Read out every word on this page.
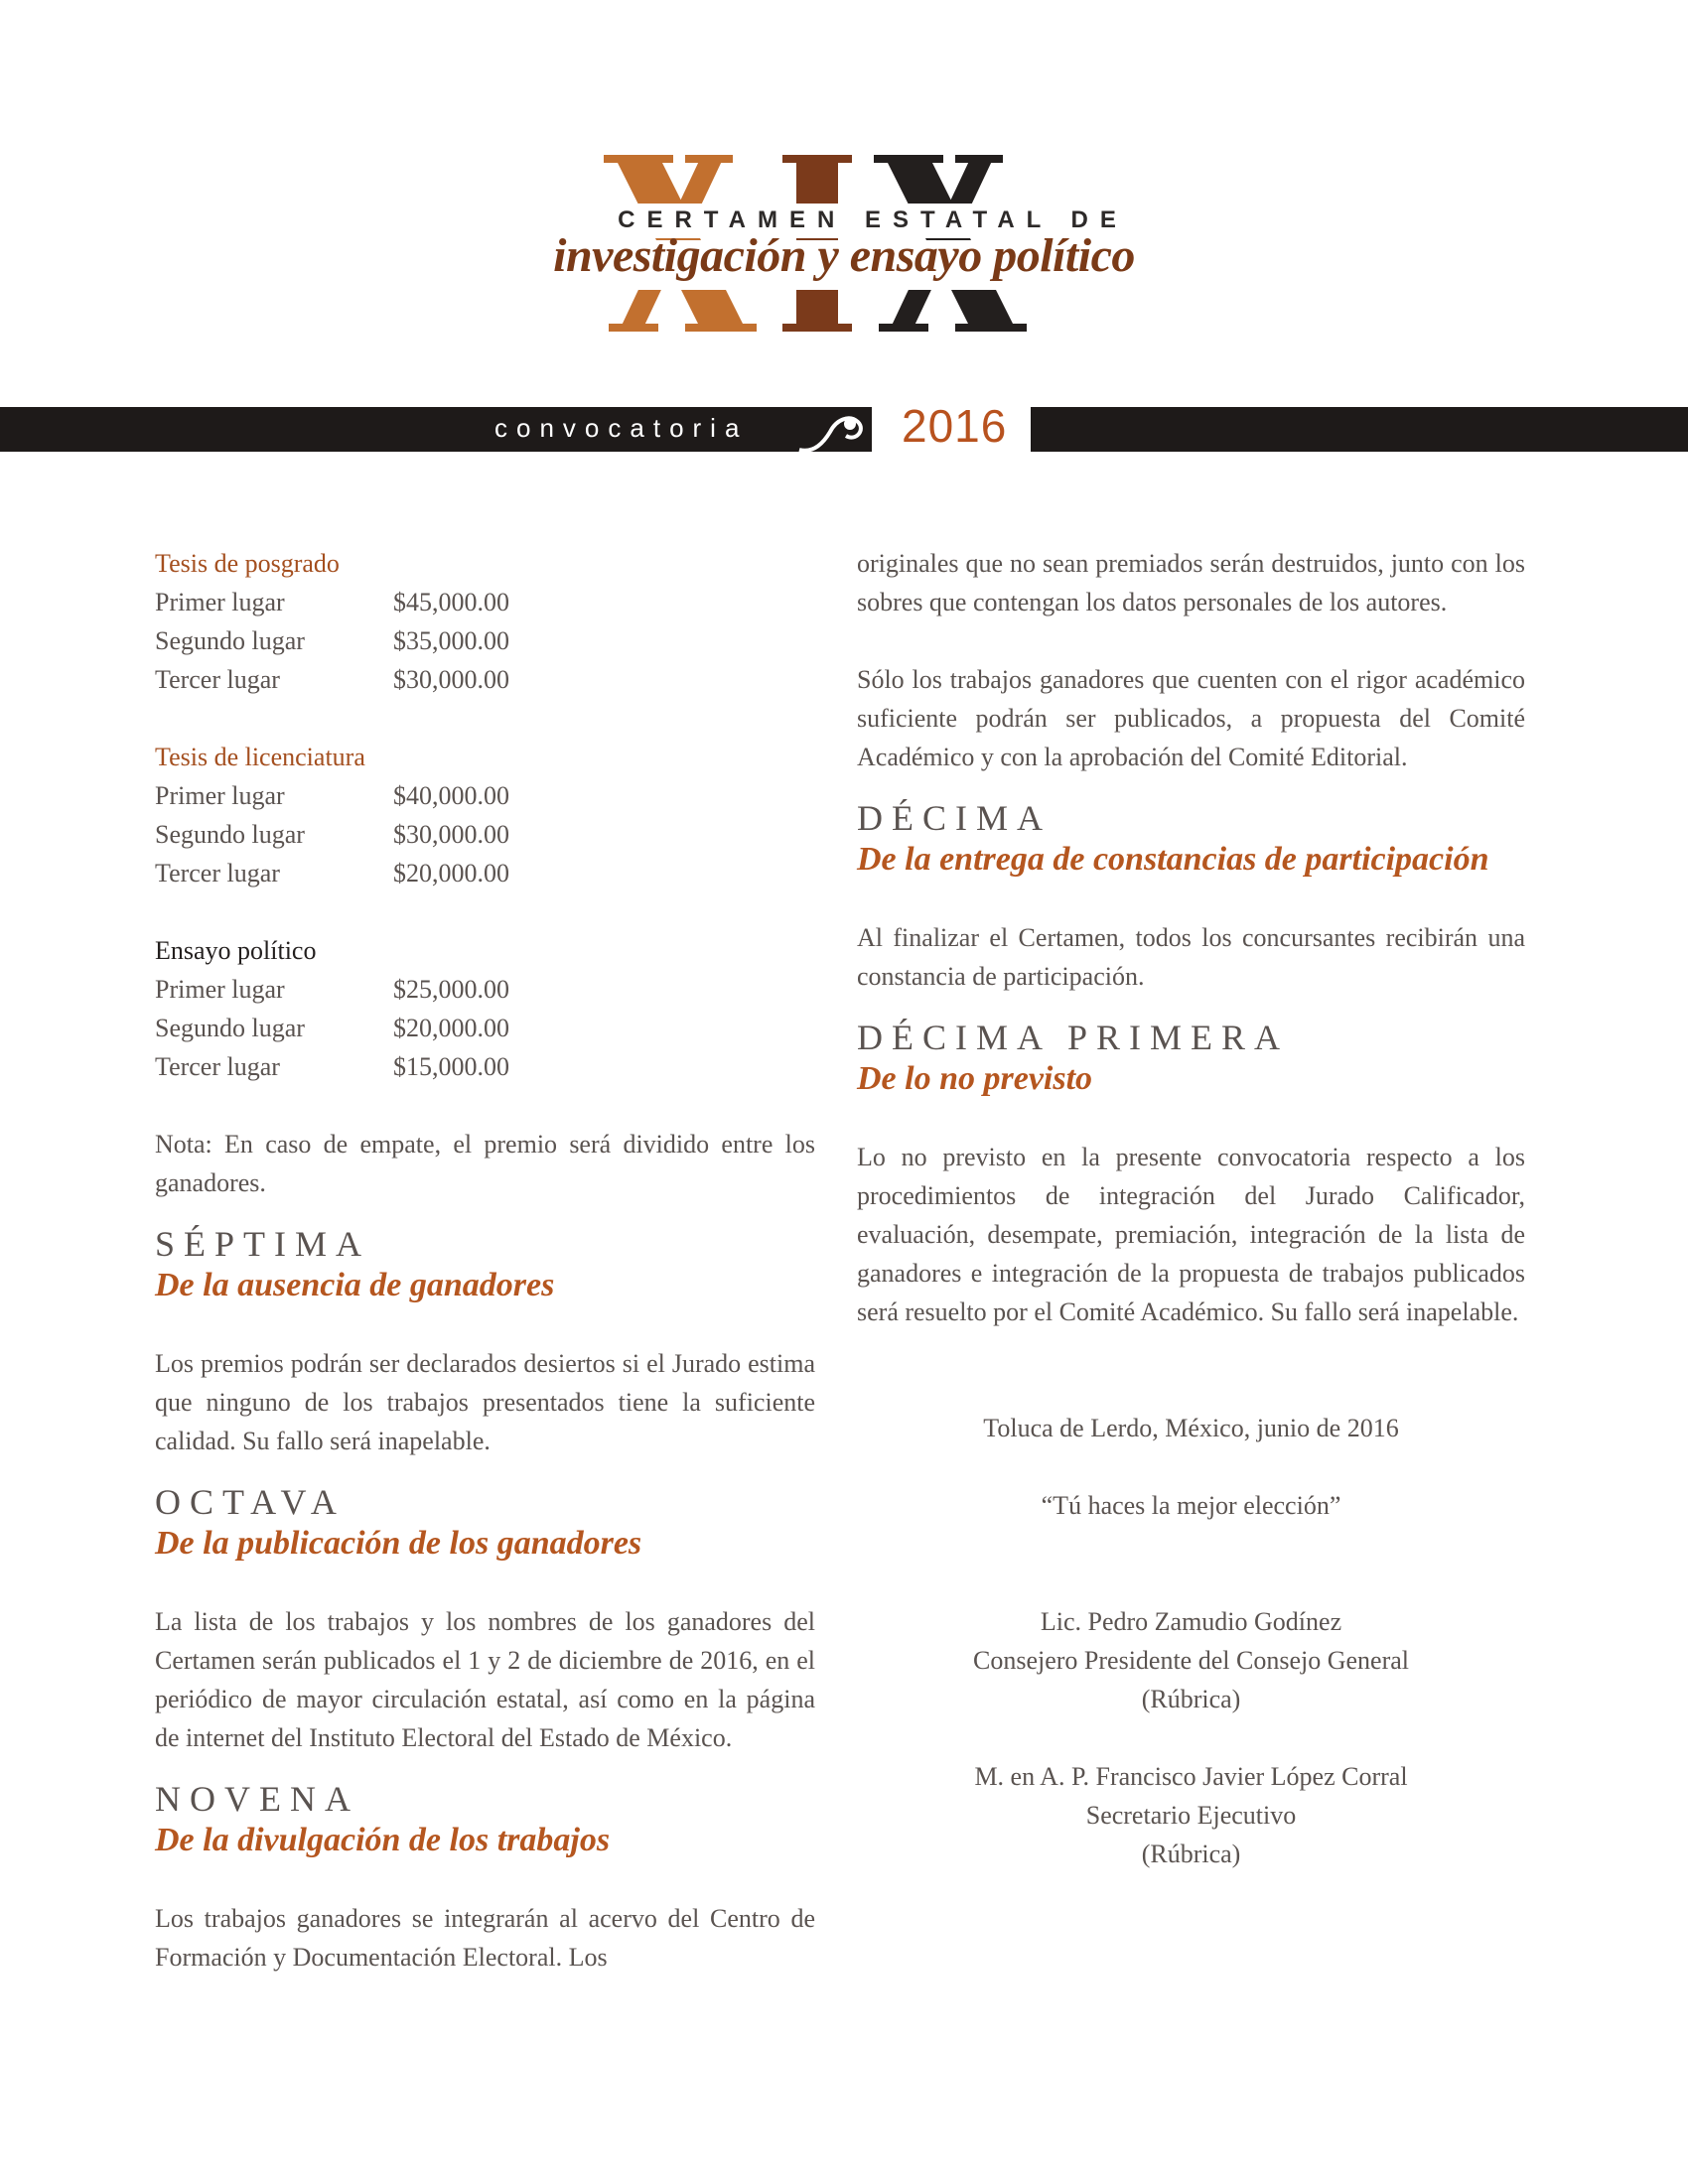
CERTAMEN ESTATAL DE
investigación y ensayo político
convocatoria	2016
Tesis de posgrado
Primer lugar	$45,000.00
Segundo lugar	$35,000.00
Tercer lugar	$30,000.00
Tesis de licenciatura
Primer lugar	$40,000.00
Segundo lugar	$30,000.00
Tercer lugar	$20,000.00
Ensayo político
Primer lugar	$25,000.00
Segundo lugar	$20,000.00
Tercer lugar	$15,000.00

Nota: En caso de empate, el premio será dividido entre los ganadores.

SÉPTIMA
De la ausencia de ganadores

Los premios podrán ser declarados desiertos si el Jurado estima que ninguno de los trabajos presentados tiene la suficiente calidad. Su fallo será inapelable.

OCTAVA
De la publicación de los ganadores

La lista de los trabajos y los nombres de los ganadores del Certamen serán publicados el 1 y 2 de diciembre de 2016, en el periódico de mayor circulación estatal, así como en la página de internet del Instituto Electoral del Estado de México.

NOVENA
De la divulgación de los trabajos

Los trabajos ganadores se integrarán al acervo del Centro de Formación y Documentación Electoral. Los

originales que no sean premiados serán destruidos, junto con los sobres que contengan los datos personales de los autores.

Sólo los trabajos ganadores que cuenten con el rigor académico suficiente podrán ser publicados, a propuesta del Comité Académico y con la aprobación del Comité Editorial.

DÉCIMA
De la entrega de constancias de participación

Al finalizar el Certamen, todos los concursantes recibirán una constancia de participación.

DÉCIMA PRIMERA
De lo no previsto

Lo no previsto en la presente convocatoria respecto a los procedimientos de integración del Jurado Calificador, evaluación, desempate, premiación, integración de la lista de ganadores e integración de la propuesta de trabajos publicados será resuelto por el Comité Académico. Su fallo será inapelable.

Toluca de Lerdo, México, junio de 2016

“Tú haces la mejor elección”

Lic. Pedro Zamudio Godínez

Consejero Presidente del Consejo General

(Rúbrica)

M. en A. P. Francisco Javier López Corral

Secretario Ejecutivo

(Rúbrica)
